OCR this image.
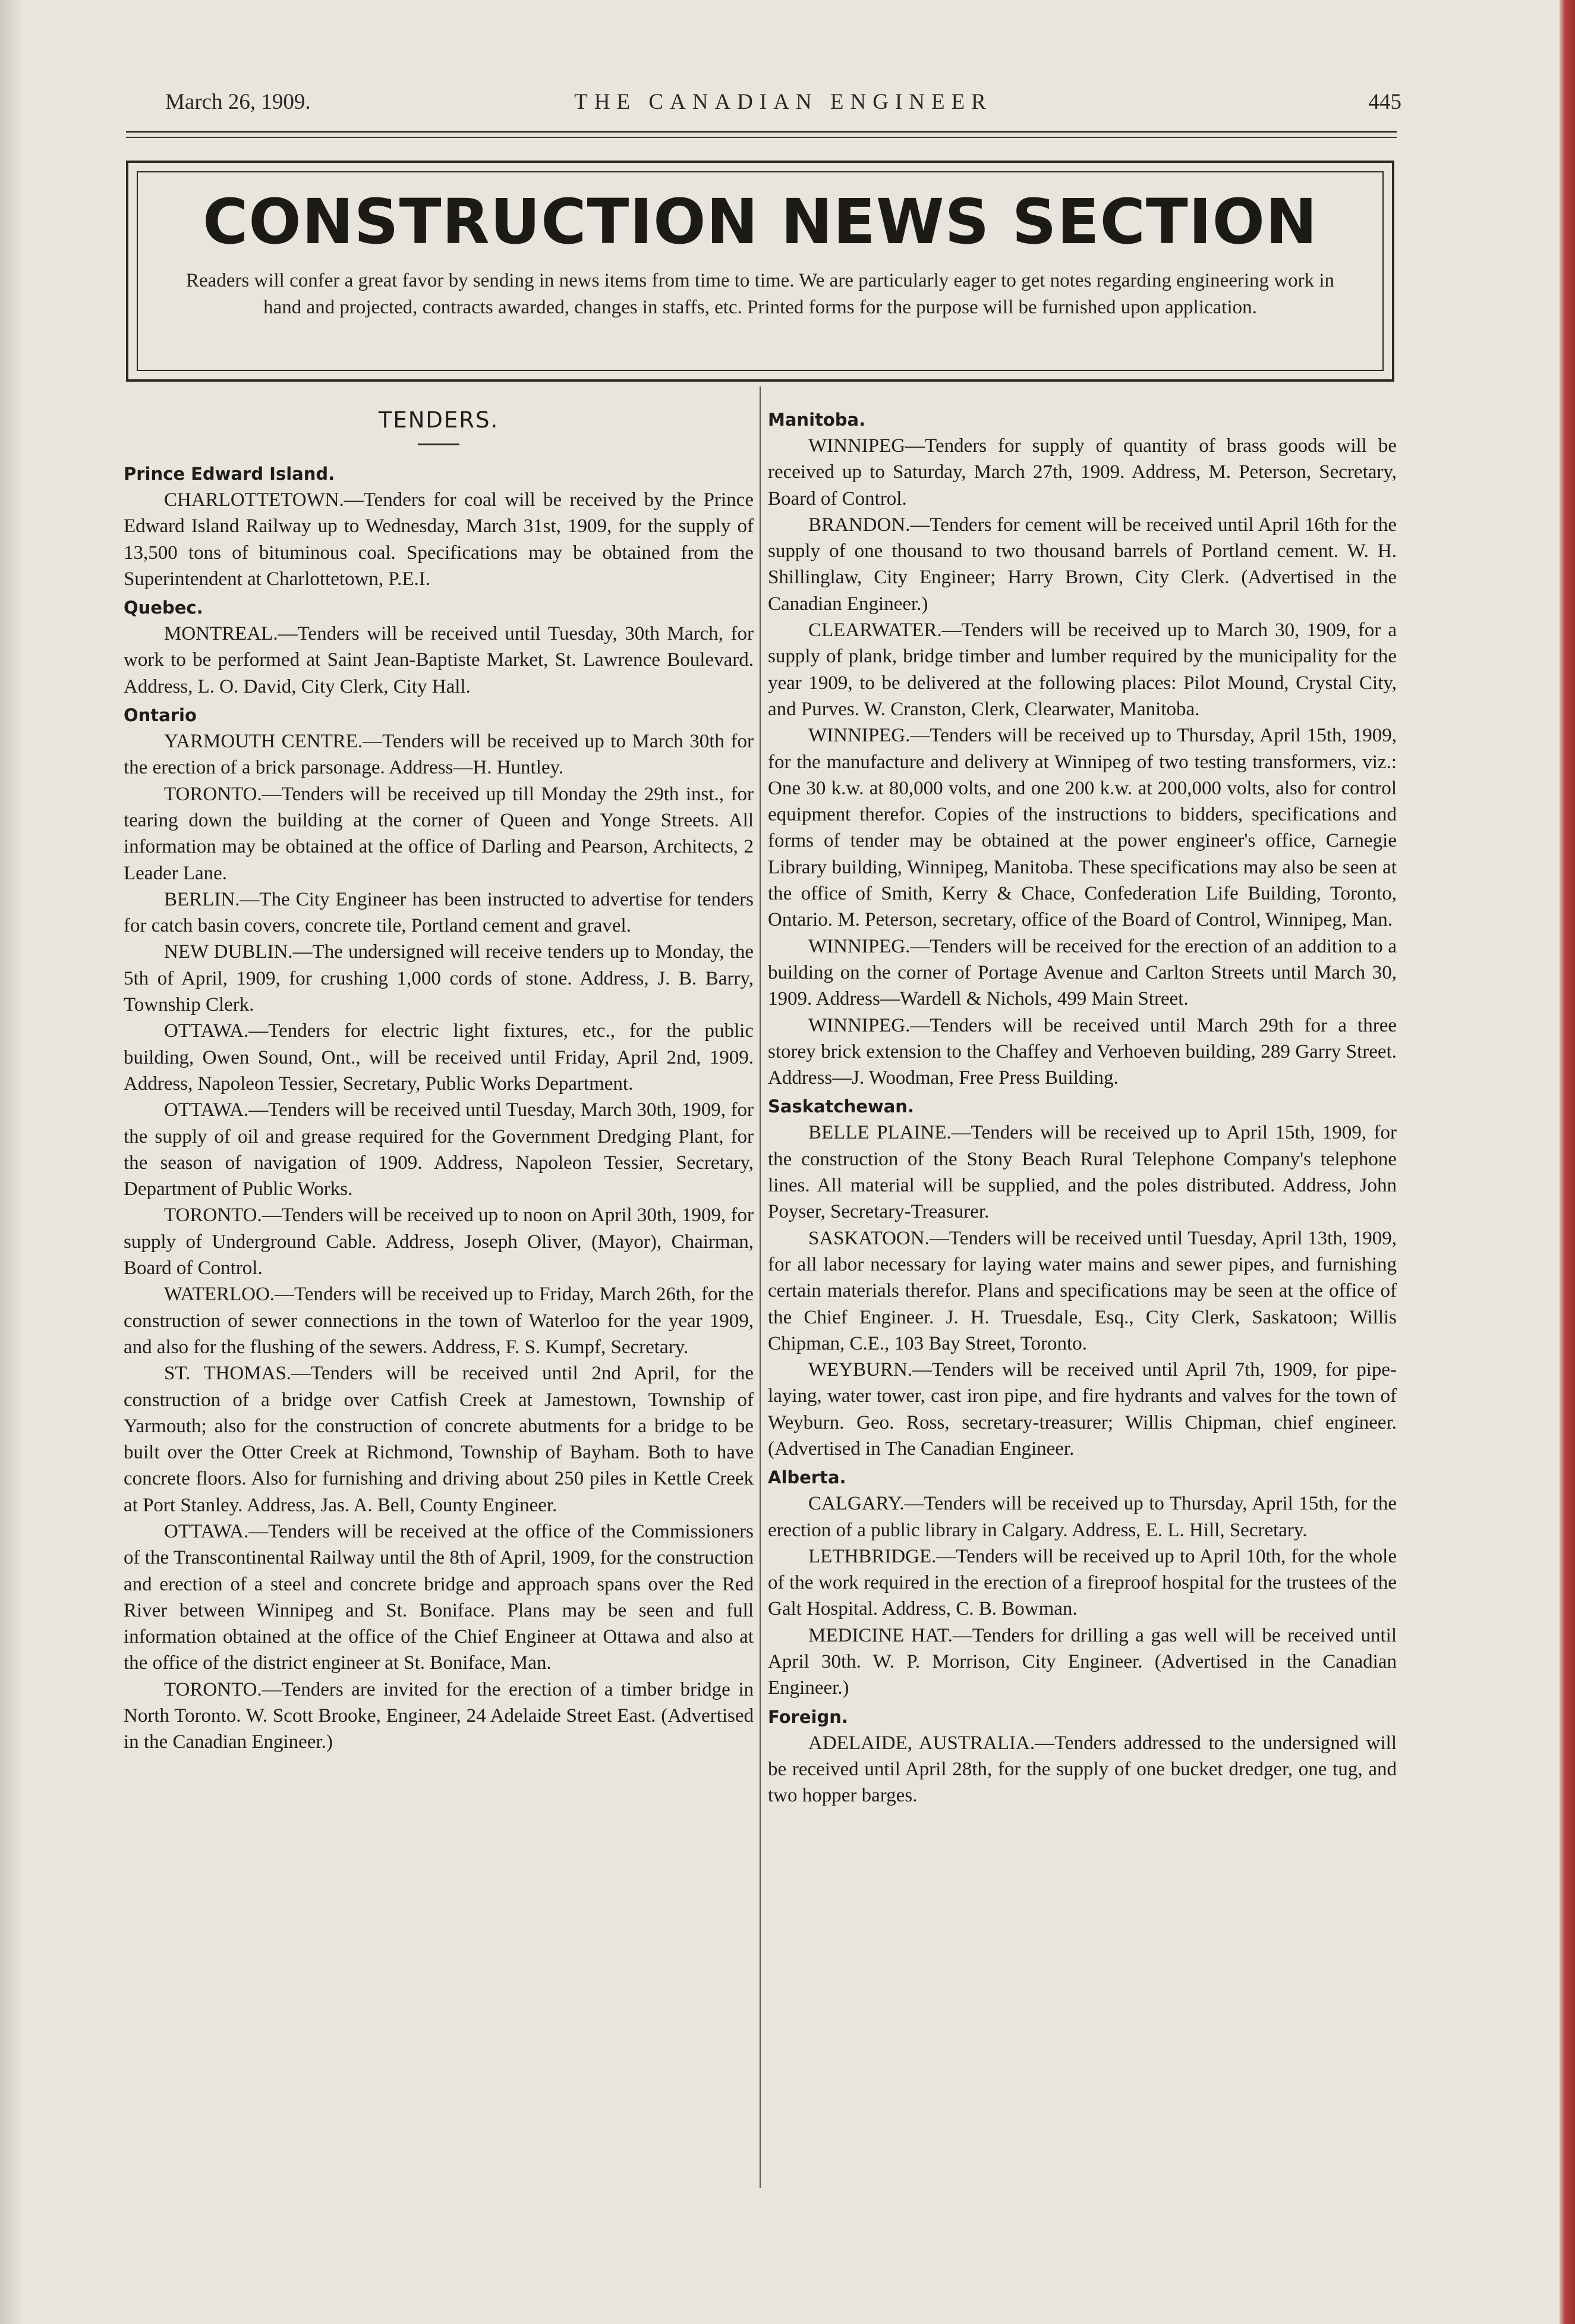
March 26, 1909.	THE CANADIAN ENGINEER	445
CONSTRUCTION NEWS SECTION
Readers will confer a great favor by sending in news items from time to time. We are particularly eager to get notes regarding engineering work in hand and projected, contracts awarded, changes in staffs, etc. Printed forms for the purpose will be furnished upon application.
TENDERS.
Prince Edward Island.

CHARLOTTETOWN.—Tenders for coal will be received by the Prince Edward Island Railway up to Wednesday, March 31st, 1909, for the supply of 13,500 tons of bituminous coal. Specifications may be obtained from the Superintendent at Charlottetown, P.E.I.

Quebec.

MONTREAL.—Tenders will be received until Tuesday, 30th March, for work to be performed at Saint Jean-Baptiste Market, St. Lawrence Boulevard. Address, L. O. David, City Clerk, City Hall.

Ontario

YARMOUTH CENTRE.—Tenders will be received up to March 30th for the erection of a brick parsonage. Address—H. Huntley.

TORONTO.—Tenders will be received up till Monday the 29th inst., for tearing down the building at the corner of Queen and Yonge Streets. All information may be obtained at the office of Darling and Pearson, Architects, 2 Leader Lane.

BERLIN.—The City Engineer has been instructed to advertise for tenders for catch basin covers, concrete tile, Portland cement and gravel.

NEW DUBLIN.—The undersigned will receive tenders up to Monday, the 5th of April, 1909, for crushing 1,000 cords of stone. Address, J. B. Barry, Township Clerk.

OTTAWA.—Tenders for electric light fixtures, etc., for the public building, Owen Sound, Ont., will be received until Friday, April 2nd, 1909. Address, Napoleon Tessier, Secretary, Public Works Department.

OTTAWA.—Tenders will be received until Tuesday, March 30th, 1909, for the supply of oil and grease required for the Government Dredging Plant, for the season of navigation of 1909. Address, Napoleon Tessier, Secretary, Department of Public Works.

TORONTO.—Tenders will be received up to noon on April 30th, 1909, for supply of Underground Cable. Address, Joseph Oliver, (Mayor), Chairman, Board of Control.

WATERLOO.—Tenders will be received up to Friday, March 26th, for the construction of sewer connections in the town of Waterloo for the year 1909, and also for the flushing of the sewers. Address, F. S. Kumpf, Secretary.

ST. THOMAS.—Tenders will be received until 2nd April, for the construction of a bridge over Catfish Creek at Jamestown, Township of Yarmouth; also for the construction of concrete abutments for a bridge to be built over the Otter Creek at Richmond, Township of Bayham. Both to have concrete floors. Also for furnishing and driving about 250 piles in Kettle Creek at Port Stanley. Address, Jas. A. Bell, County Engineer.

OTTAWA.—Tenders will be received at the office of the Commissioners of the Transcontinental Railway until the 8th of April, 1909, for the construction and erection of a steel and concrete bridge and approach spans over the Red River between Winnipeg and St. Boniface. Plans may be seen and full information obtained at the office of the Chief Engineer at Ottawa and also at the office of the district engineer at St. Boniface, Man.

TORONTO.—Tenders are invited for the erection of a timber bridge in North Toronto. W. Scott Brooke, Engineer, 24 Adelaide Street East. (Advertised in the Canadian Engineer.)

Manitoba.

WINNIPEG—Tenders for supply of quantity of brass goods will be received up to Saturday, March 27th, 1909. Address, M. Peterson, Secretary, Board of Control.

BRANDON.—Tenders for cement will be received until April 16th for the supply of one thousand to two thousand barrels of Portland cement. W. H. Shillinglaw, City Engineer; Harry Brown, City Clerk. (Advertised in the Canadian Engineer.)

CLEARWATER.—Tenders will be received up to March 30, 1909, for a supply of plank, bridge timber and lumber required by the municipality for the year 1909, to be delivered at the following places: Pilot Mound, Crystal City, and Purves. W. Cranston, Clerk, Clearwater, Manitoba.

WINNIPEG.—Tenders will be received up to Thursday, April 15th, 1909, for the manufacture and delivery at Winnipeg of two testing transformers, viz.: One 30 k.w. at 80,000 volts, and one 200 k.w. at 200,000 volts, also for control equipment therefor. Copies of the instructions to bidders, specifications and forms of tender may be obtained at the power engineer's office, Carnegie Library building, Winnipeg, Manitoba. These specifications may also be seen at the office of Smith, Kerry & Chace, Confederation Life Building, Toronto, Ontario. M. Peterson, secretary, office of the Board of Control, Winnipeg, Man.

WINNIPEG.—Tenders will be received for the erection of an addition to a building on the corner of Portage Avenue and Carlton Streets until March 30, 1909. Address—Wardell & Nichols, 499 Main Street.

WINNIPEG.—Tenders will be received until March 29th for a three storey brick extension to the Chaffey and Verhoeven building, 289 Garry Street. Address—J. Woodman, Free Press Building.

Saskatchewan.

BELLE PLAINE.—Tenders will be received up to April 15th, 1909, for the construction of the Stony Beach Rural Telephone Company's telephone lines. All material will be supplied, and the poles distributed. Address, John Poyser, Secretary-Treasurer.

SASKATOON.—Tenders will be received until Tuesday, April 13th, 1909, for all labor necessary for laying water mains and sewer pipes, and furnishing certain materials therefor. Plans and specifications may be seen at the office of the Chief Engineer. J. H. Truesdale, Esq., City Clerk, Saskatoon; Willis Chipman, C.E., 103 Bay Street, Toronto.

WEYBURN.—Tenders will be received until April 7th, 1909, for pipe-laying, water tower, cast iron pipe, and fire hydrants and valves for the town of Weyburn. Geo. Ross, secretary-treasurer; Willis Chipman, chief engineer. (Advertised in The Canadian Engineer.

Alberta.

CALGARY.—Tenders will be received up to Thursday, April 15th, for the erection of a public library in Calgary. Address, E. L. Hill, Secretary.

LETHBRIDGE.—Tenders will be received up to April 10th, for the whole of the work required in the erection of a fireproof hospital for the trustees of the Galt Hospital. Address, C. B. Bowman.

MEDICINE HAT.—Tenders for drilling a gas well will be received until April 30th. W. P. Morrison, City Engineer. (Advertised in the Canadian Engineer.)

Foreign.

ADELAIDE, AUSTRALIA.—Tenders addressed to the undersigned will be received until April 28th, for the supply of one bucket dredger, one tug, and two hopper barges.
